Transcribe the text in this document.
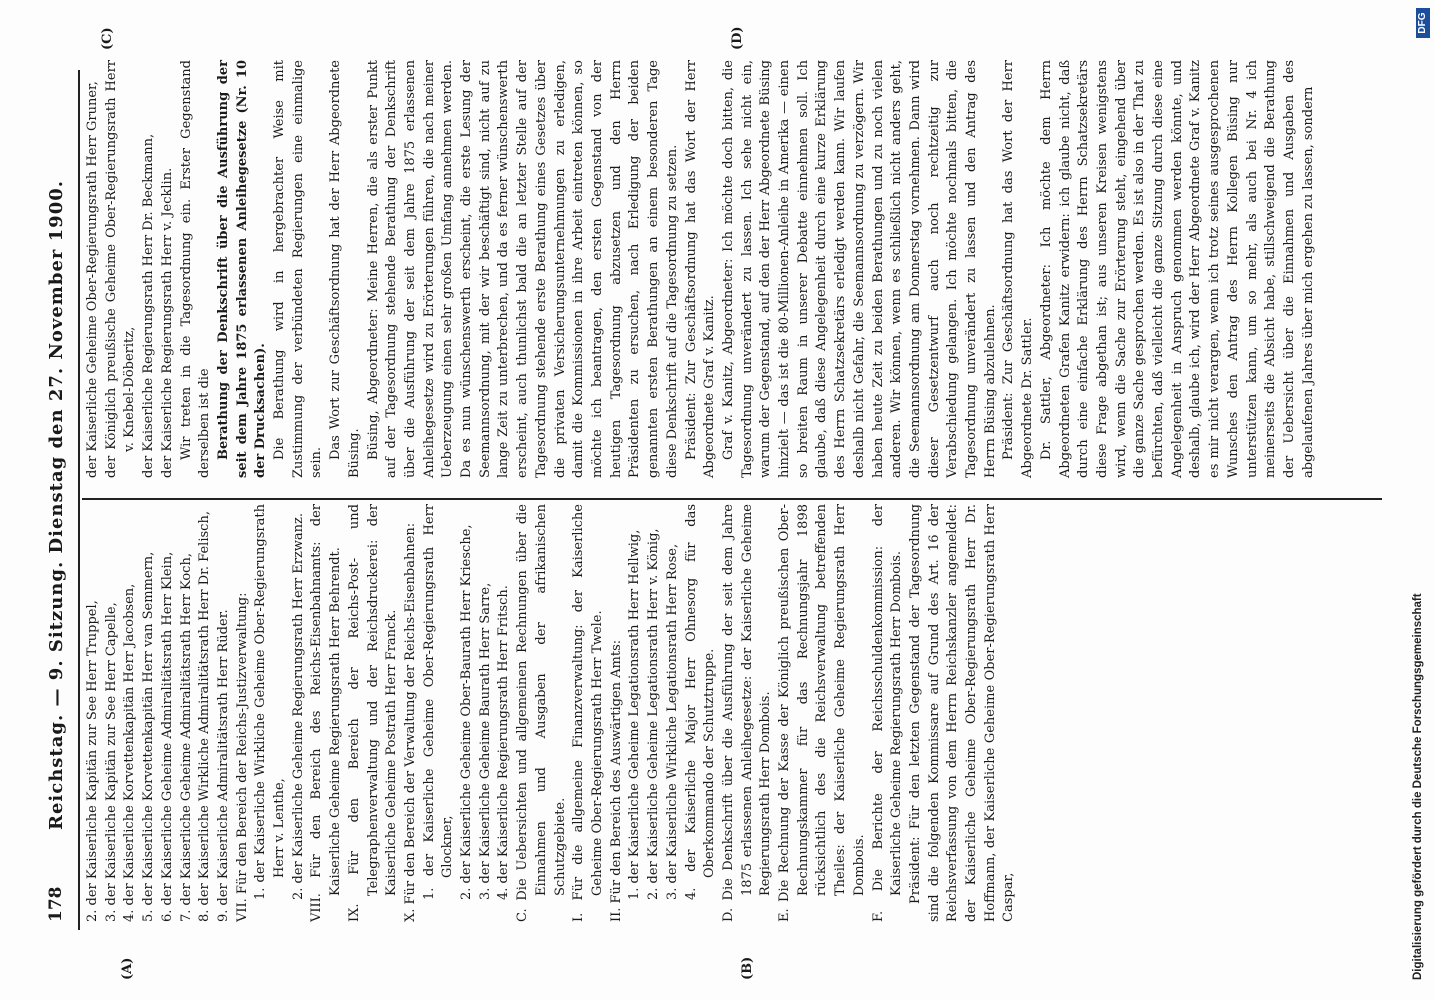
178
Reichstag. — 9. Sitzung. Dienstag den 27. November 1900.
(A)	(B)
(C)	(D)

2. der Kaiserliche Kapitän zur See Herr Truppel, 3. der Kaiserliche Kapitän zur See Herr Capelle, 4. der Kaiserliche Korvettenkapitän Herr Jacobsen, 5. der Kaiserliche Korvettenkapitän Herr van Semmern, 6. der Kaiserliche Geheime Admiralitätsrath Herr Klein, 7. der Kaiserliche Geheime Admiralitätsrath Herr Koch, 8. der Kaiserliche Wirkliche Admiralitätsrath Herr Dr. Felisch, 9. der Kaiserliche Admiralitätsrath Herr Rüder. VII. Für den Bereich der Reichs-Justizverwaltung: 1. der Kaiserliche Wirkliche Geheime Ober-Regierungsrath Herr v. Lenthe, 2. der Kaiserliche Geheime Regierungsrath Herr Erzwanz. VIII. Für den Bereich des Reichs-Eisenbahnamts: der Kaiserliche Geheime Regierungsrath Herr Behrendt. IX. Für den Bereich der Reichs-Post- und Telegraphenverwaltung und der Reichsdruckerei: der Kaiserliche Geheime Postrath Herr Franck. X. Für den Bereich der Verwaltung der Reichs-Eisenbahnen: 1. der Kaiserliche Geheime Ober-Regierungsrath Herr Glockner, 2. der Kaiserliche Geheime Ober-Baurath Herr Kriesche, 3. der Kaiserliche Geheime Baurath Herr Sarre, 4. der Kaiserliche Regierungsrath Herr Fritsch. C. Die Uebersichten und allgemeinen Rechnungen über die Einnahmen und Ausgaben der afrikanischen Schutzgebiete. I. Für die allgemeine Finanzverwaltung: der Kaiserliche Geheime Ober-Regierungsrath Herr Twele. II. Für den Bereich des Auswärtigen Amts: 1. der Kaiserliche Geheime Legationsrath Herr Hellwig, 2. der Kaiserliche Geheime Legationsrath Herr v. König, 3. der Kaiserliche Wirkliche Legationsrath Herr Rose, 4. der Kaiserliche Major Herr Ohnesorg für das Oberkommando der Schutztruppe. D. Die Denkschrift über die Ausführung der seit dem Jahre 1875 erlassenen Anleihegesetze: der Kaiserliche Geheime Regierungsrath Herr Dombois. E. Die Rechnung der Kasse der Königlich preußischen Ober-Rechnungskammer für das Rechnungsjahr 1898 rücksichtlich des die Reichsverwaltung betreffenden Theiles: der Kaiserliche Geheime Regierungsrath Herr Dombois. F. Die Berichte der Reichsschuldenkommission: der Kaiserliche Geheime Regierungsrath Herr Dombois. Präsident: Für den letzten Gegenstand der Tagesordnung sind die folgenden Kommissare auf Grund des Art. 16 der Reichsverfassung von dem Herrn Reichskanzler angemeldet: der Kaiserliche Geheime Ober-Regierungsrath Herr Dr. Hoffmann, der Kaiserliche Geheime Ober-Regierungsrath Herr Caspar,

der Kaiserliche Geheime Ober-Regierungsrath Herr Gruner, der Königlich preußische Geheime Ober-Regierungsrath Herr v. Knebel-Döberitz, der Kaiserliche Regierungsrath Herr Dr. Beckmann, der Kaiserliche Regierungsrath Herr v. Jecklin. Wir treten in die Tagesordnung ein. Erster Gegenstand derselben ist die Berathung der Denkschrift über die Ausführung der seit dem Jahre 1875 erlassenen Anleihegesetze (Nr. 10 der Drucksachen). Die Berathung wird in hergebrachter Weise mit Zustimmung der verbündeten Regierungen eine einmalige sein.

Das Wort zur Geschäftsordnung hat der Herr Abgeordnete Büsing. Büsing, Abgeordneter: Meine Herren, die als erster Punkt auf der Tagesordnung stehende Berathung der Denkschrift über die Ausführung der seit dem Jahre 1875 erlassenen Anleihegesetze wird zu Erörterungen führen, die nach meiner Ueberzeugung einen sehr großen Umfang annehmen werden. Da es nun wünschenswerth erscheint, die erste Lesung der Seemannsordnung, mit der wir beschäftigt sind, nicht auf zu lange Zeit zu unterbrechen, und da es ferner wünschenswerth erscheint, auch thunlichst bald die an letzter Stelle auf der Tagesordnung stehende erste Berathung eines Gesetzes über die privaten Versicherungsunternehmungen zu erledigen, damit die Kommissionen in ihre Arbeit eintreten können, so möchte ich beantragen, den ersten Gegenstand von der heutigen Tagesordnung abzusetzen und den Herrn Präsidenten zu ersuchen, nach Erledigung der beiden genannten ersten Berathungen an einem besonderen Tage diese Denkschrift auf die Tagesordnung zu setzen. Präsident: Zur Geschäftsordnung hat das Wort der Herr Abgeordnete Graf v. Kanitz. Graf v. Kanitz, Abgeordneter: Ich möchte doch bitten, die Tagesordnung unverändert zu lassen. Ich sehe nicht ein, warum der Gegenstand, auf den der Herr Abgeordnete Büsing hinzielt — das ist die 80-Millionen-Anleihe in Amerika — einen so breiten Raum in unserer Debatte einnehmen soll. Ich glaube, daß diese Angelegenheit durch eine kurze Erklärung des Herrn Schatzsekretärs erledigt werden kann. Wir laufen deshalb nicht Gefahr, die Seemannsordnung zu verzögern. Wir haben heute Zeit zu beiden Berathungen und zu noch vielen anderen. Wir können, wenn es schließlich nicht anders geht, die Seemannsordnung am Donnerstag vornehmen. Dann wird dieser Gesetzentwurf auch noch rechtzeitig zur Verabschiedung gelangen. Ich möchte nochmals bitten, die Tagesordnung unverändert zu lassen und den Antrag des Herrn Büsing abzulehnen. Präsident: Zur Geschäftsordnung hat das Wort der Herr Abgeordnete Dr. Sattler. Dr. Sattler, Abgeordneter: Ich möchte dem Herrn Abgeordneten Grafen Kanitz erwidern: ich glaube nicht, daß durch eine einfache Erklärung des Herrn Schatzsekretärs diese Frage abgethan ist; aus unseren Kreisen wenigstens wird, wenn die Sache zur Erörterung steht, eingehend über die ganze Sache gesprochen werden. Es ist also in der That zu befürchten, daß vielleicht die ganze Sitzung durch diese eine Angelegenheit in Anspruch genommen werden könnte, und deshalb, glaube ich, wird der Herr Abgeordnete Graf v. Kanitz es mir nicht verargen, wenn ich trotz seines ausgesprochenen Wunsches den Antrag des Herrn Kollegen Büsing nur unterstützen kann, um so mehr, als auch bei Nr. 4 ich meinerseits die Absicht habe, stillschweigend die Berathung der Uebersicht über die Einnahmen und Ausgaben des abgelaufenen Jahres über mich ergehen zu lassen, sondern

Digitalisierung gefördert durch die Deutsche Forschungsgemeinschaft
DFG
